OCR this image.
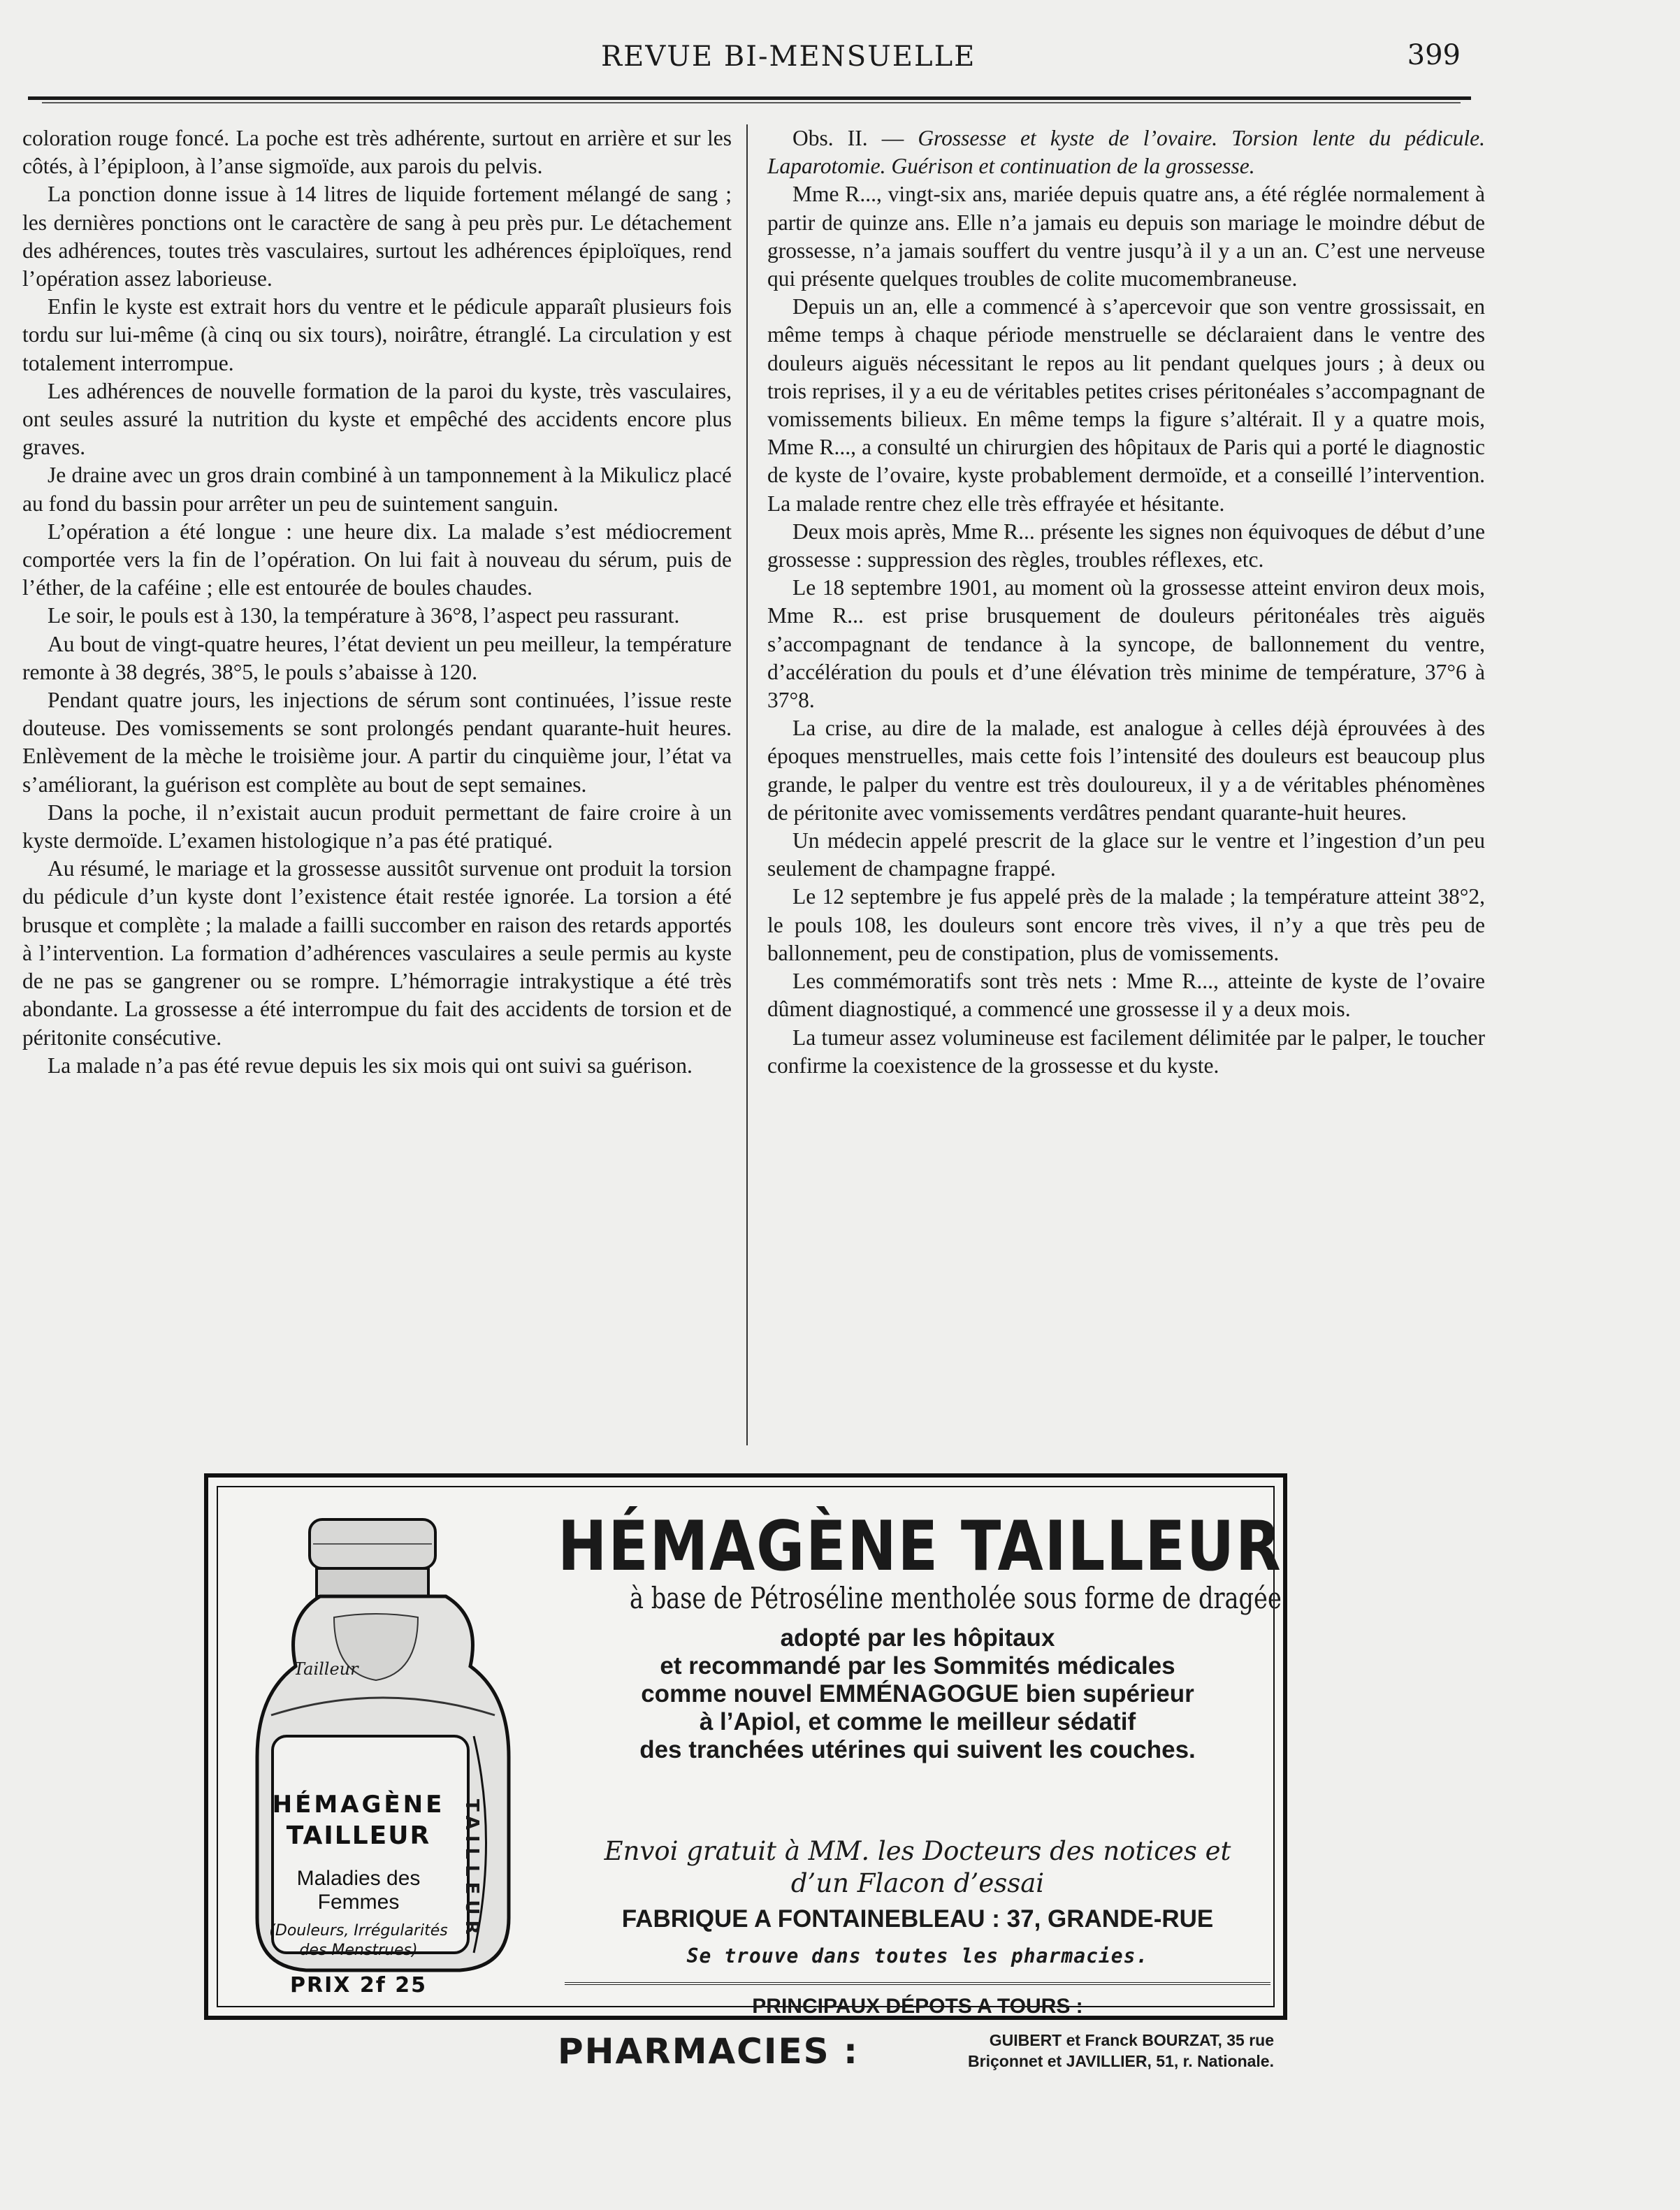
REVUE BI-MENSUELLE	399

coloration rouge foncé. La poche est très adhérente, surtout en arrière et sur les côtés, à l’épiploon, à l’anse sigmoïde, aux parois du pelvis.

La ponction donne issue à 14 litres de liquide fortement mélangé de sang ; les dernières ponctions ont le caractère de sang à peu près pur. Le détachement des adhérences, toutes très vasculaires, surtout les adhérences épiploïques, rend l’opération assez laborieuse.

Enfin le kyste est extrait hors du ventre et le pédicule apparaît plusieurs fois tordu sur lui-même (à cinq ou six tours), noirâtre, étranglé. La circulation y est totalement interrompue.

Les adhérences de nouvelle formation de la paroi du kyste, très vasculaires, ont seules assuré la nutrition du kyste et empêché des accidents encore plus graves.

Je draine avec un gros drain combiné à un tamponnement à la Mikulicz placé au fond du bassin pour arrêter un peu de suintement sanguin.

L’opération a été longue : une heure dix. La malade s’est médiocrement comportée vers la fin de l’opération. On lui fait à nouveau du sérum, puis de l’éther, de la caféine ; elle est entourée de boules chaudes.

Le soir, le pouls est à 130, la température à 36°8, l’aspect peu rassurant.

Au bout de vingt-quatre heures, l’état devient un peu meilleur, la température remonte à 38 degrés, 38°5, le pouls s’abaisse à 120.

Pendant quatre jours, les injections de sérum sont continuées, l’issue reste douteuse. Des vomissements se sont prolongés pendant quarante-huit heures. Enlèvement de la mèche le troisième jour. A partir du cinquième jour, l’état va s’améliorant, la guérison est complète au bout de sept semaines.

Dans la poche, il n’existait aucun produit permettant de faire croire à un kyste dermoïde. L’examen histologique n’a pas été pratiqué.

Au résumé, le mariage et la grossesse aussitôt survenue ont produit la torsion du pédicule d’un kyste dont l’existence était restée ignorée. La torsion a été brusque et complète ; la malade a failli succomber en raison des retards apportés à l’intervention. La formation d’adhérences vasculaires a seule permis au kyste de ne pas se gangrener ou se rompre. L’hémorragie intrakystique a été très abondante. La grossesse a été interrompue du fait des accidents de torsion et de péritonite consécutive.

La malade n’a pas été revue depuis les six mois qui ont suivi sa guérison.

Obs. II. — Grossesse et kyste de l’ovaire. Torsion lente du pédicule. Laparotomie. Guérison et continuation de la grossesse.

Mme R..., vingt-six ans, mariée depuis quatre ans, a été réglée normalement à partir de quinze ans. Elle n’a jamais eu depuis son mariage le moindre début de grossesse, n’a jamais souffert du ventre jusqu’à il y a un an. C’est une nerveuse qui présente quelques troubles de colite mucomembraneuse.

Depuis un an, elle a commencé à s’apercevoir que son ventre grossissait, en même temps à chaque période menstruelle se déclaraient dans le ventre des douleurs aiguës nécessitant le repos au lit pendant quelques jours ; à deux ou trois reprises, il y a eu de véritables petites crises péritonéales s’accompagnant de vomissements bilieux. En même temps la figure s’altérait. Il y a quatre mois, Mme R..., a consulté un chirurgien des hôpitaux de Paris qui a porté le diagnostic de kyste de l’ovaire, kyste probablement dermoïde, et a conseillé l’intervention. La malade rentre chez elle très effrayée et hésitante.

Deux mois après, Mme R... présente les signes non équivoques de début d’une grossesse : suppression des règles, troubles réflexes, etc.

Le 18 septembre 1901, au moment où la grossesse atteint environ deux mois, Mme R... est prise brusquement de douleurs péritonéales très aiguës s’accompagnant de tendance à la syncope, de ballonnement du ventre, d’accélération du pouls et d’une élévation très minime de température, 37°6 à 37°8.

La crise, au dire de la malade, est analogue à celles déjà éprouvées à des époques menstruelles, mais cette fois l’intensité des douleurs est beaucoup plus grande, le palper du ventre est très douloureux, il y a de véritables phénomènes de péritonite avec vomissements verdâtres pendant quarante-huit heures.

Un médecin appelé prescrit de la glace sur le ventre et l’ingestion d’un peu seulement de champagne frappé.

Le 12 septembre je fus appelé près de la malade ; la température atteint 38°2, le pouls 108, les douleurs sont encore très vives, il n’y a que très peu de ballonnement, peu de constipation, plus de vomissements.

Les commémoratifs sont très nets : Mme R..., atteinte de kyste de l’ovaire dûment diagnostiqué, a commencé une grossesse il y a deux mois.

La tumeur assez volumineuse est facilement délimitée par le palper, le toucher confirme la coexistence de la grossesse et du kyste.

Tailleur
HÉMAGÈNE
TAILLEUR
Maladies des Femmes
(Douleurs, Irrégularités des Menstrues)
PRIX 2f 25
TAILLEUR
HÉMAGÈNE TAILLEUR
à base de Pétroséline mentholée sous forme de dragée
adopté par les hôpitaux
et recommandé par les Sommités médicales
comme nouvel EMMÉNAGOGUE bien supérieur
à l’Apiol, et comme le meilleur sédatif
des tranchées utérines qui suivent les couches.
Envoi gratuit à MM. les Docteurs des notices et
d’un Flacon d’essai
FABRIQUE A FONTAINEBLEAU : 37, GRANDE-RUE
Se trouve dans toutes les pharmacies.
PRINCIPAUX DÉPOTS A TOURS :
PHARMACIES :	GUIBERT et Franck BOURZAT, 35 rue
Briçonnet et JAVILLIER, 51, r. Nationale.
